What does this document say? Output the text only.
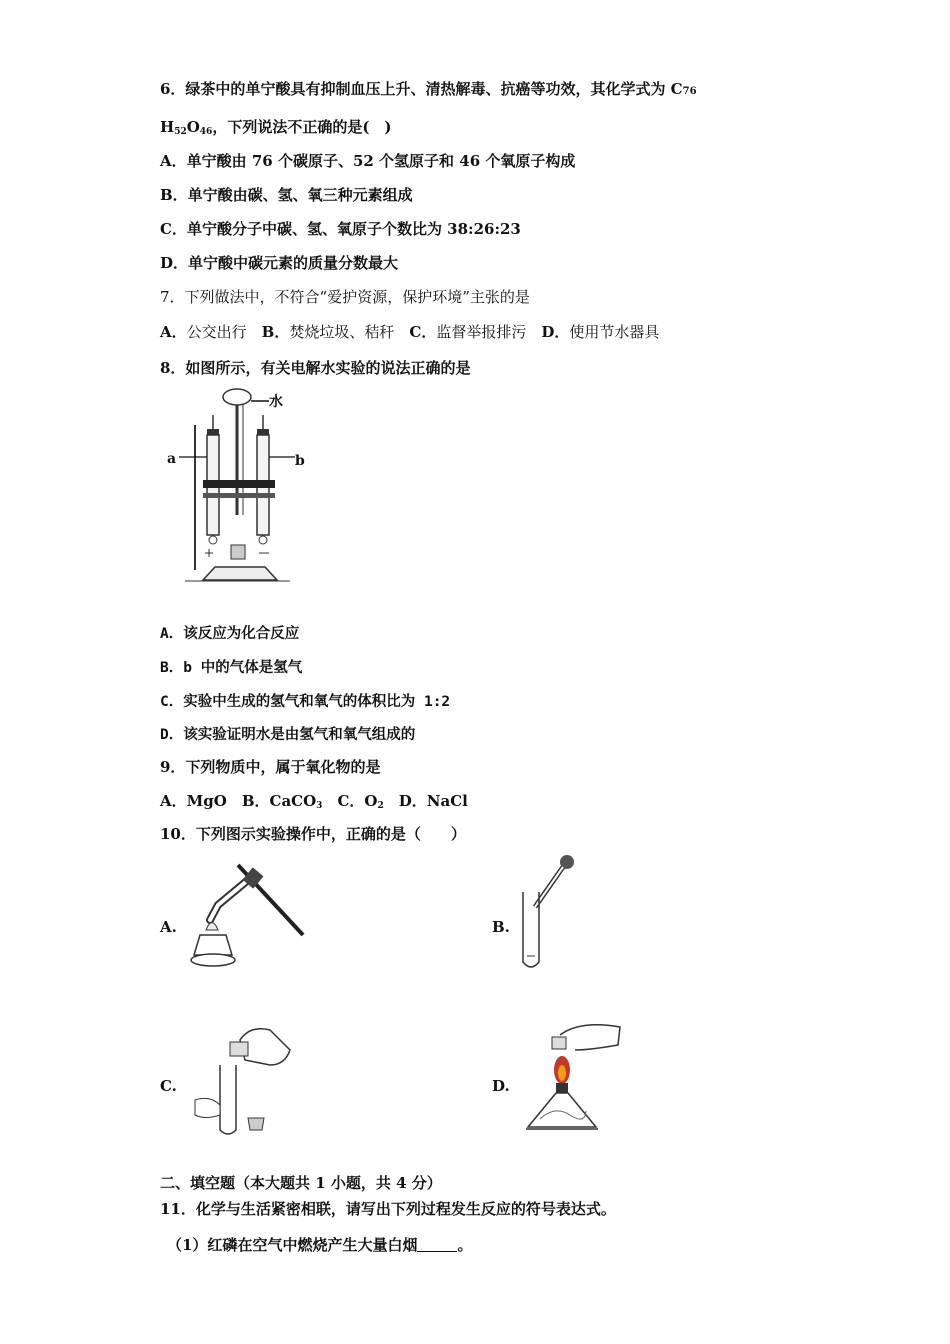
6．绿茶中的单宁酸具有抑制血压上升、清热解毒、抗癌等功效，其化学式为 C76
$H_{52}O_{46}$，下列说法不正确的是(　)
A．单宁酸由 76 个碳原子、52 个氢原子和 46 个氧原子构成
B．单宁酸由碳、氢、氧三种元素组成
C．单宁酸分子中碳、氢、氧原子个数比为 38:26:23
D．单宁酸中碳元素的质量分数最大
7．下列做法中，不符合“爱护资源，保护环境”主张的是
A．公交出行　 B．焚烧垃圾、秸秆　 C．监督举报排污　 D．使用节水器具
8．如图所示，有关电解水实验的说法正确的是
水
a	b
A．该反应为化合反应
B．b 中的气体是氢气
C．实验中生成的氢气和氧气的体积比为 1:2
D．该实验证明水是由氢气和氧气组成的
9．下列物质中，属于氧化物的是
A．MgO　 B．CaCO$_3$　 C．$O_2$　 D．NaCl
10．下列图示实验操作中，正确的是（　　）
A.	B.
C.	D.
二、填空题（本大题共 1 小题，共 4 分）
11．化学与生活紧密相联，请写出下列过程发生反应的符号表达式。
（1）红磷在空气中燃烧产生大量白烟	。
